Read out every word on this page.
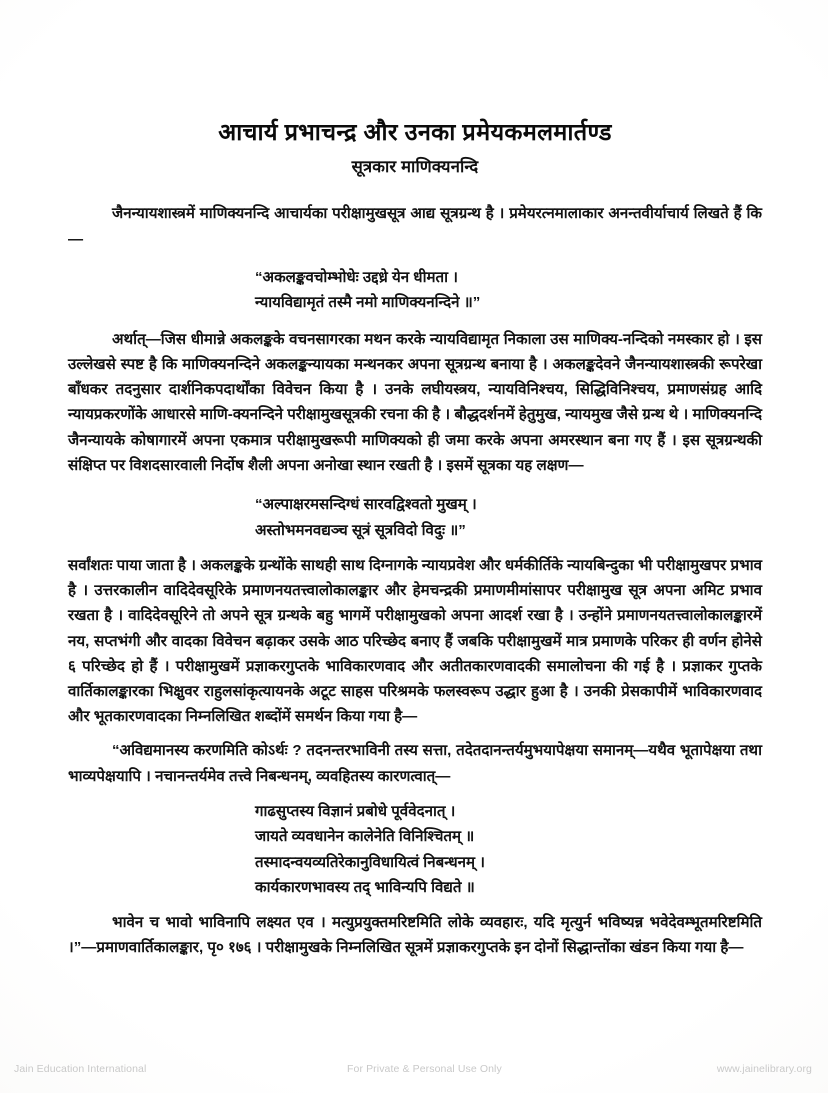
आचार्य प्रभाचन्द्र और उनका प्रमेयकमलमार्तण्ड
सूत्रकार माणिक्यनन्दि

जैनन्यायशास्त्रमें माणिक्यनन्दि आचार्यका परीक्षामुखसूत्र आद्य सूत्रग्रन्थ है । प्रमेयरत्नमालाकार अनन्तवीर्याचार्य लिखते हैं कि—

“अकलङ्कवचोम्भोधेः उद्दध्रे येन धीमता ।
न्यायविद्यामृतं तस्मै नमो माणिक्यनन्दिने ॥”

अर्थात्—जिस धीमान्ने अकलङ्कके वचनसागरका मथन करके न्यायविद्यामृत निकाला उस माणिक्य-नन्दिको नमस्कार हो । इस उल्लेखसे स्पष्ट है कि माणिक्यनन्दिने अकलङ्कन्यायका मन्थनकर अपना सूत्रग्रन्थ बनाया है । अकलङ्कदेवने जैनन्यायशास्त्रकी रूपरेखा बाँधकर तदनुसार दार्शनिकपदार्थोंका विवेचन किया है । उनके लघीयस्त्रय, न्यायविनिश्चय, सिद्धिविनिश्चय, प्रमाणसंग्रह आदि न्यायप्रकरणोंके आधारसे माणि-क्यनन्दिने परीक्षामुखसूत्रकी रचना की है । बौद्धदर्शनमें हेतुमुख, न्यायमुख जैसे ग्रन्थ थे । माणिक्यनन्दि जैनन्यायके कोषागारमें अपना एकमात्र परीक्षामुखरूपी माणिक्यको ही जमा करके अपना अमरस्थान बना गए हैं । इस सूत्रग्रन्थकी संक्षिप्त पर विशदसारवाली निर्दोष शैली अपना अनोखा स्थान रखती है । इसमें सूत्रका यह लक्षण—

“अल्पाक्षरमसन्दिग्धं सारवद्विश्वतो मुखम् ।
अस्तोभमनवद्यञ्च सूत्रं सूत्रविदो विदुः ॥”

सर्वांशतः पाया जाता है । अकलङ्कके ग्रन्थोंके साथही साथ दिग्नागके न्यायप्रवेश और धर्मकीर्तिके न्यायबिन्दुका भी परीक्षामुखपर प्रभाव है । उत्तरकालीन वादिदेवसूरिके प्रमाणनयतत्त्वालोकालङ्कार और हेमचन्द्रकी प्रमाणमीमांसापर परीक्षामुख सूत्र अपना अमिट प्रभाव रखता है । वादिदेवसूरिने तो अपने सूत्र ग्रन्थके बहु भागमें परीक्षामुखको अपना आदर्श रखा है । उन्होंने प्रमाणनयतत्त्वालोकालङ्कारमें नय, सप्तभंगी और वादका विवेचन बढ़ाकर उसके आठ परिच्छेद बनाए हैं जबकि परीक्षामुखमें मात्र प्रमाणके परिकर ही वर्णन होनेसे ६ परिच्छेद हो हैं । परीक्षामुखमें प्रज्ञाकरगुप्तके भाविकारणवाद और अतीतकारणवादकी समालोचना की गई है । प्रज्ञाकर गुप्तके वार्तिकालङ्कारका भिक्षुवर राहुलसांकृत्यायनके अटूट साहस परिश्रमके फलस्वरूप उद्धार हुआ है । उनकी प्रेसकापीमें भाविकारणवाद और भूतकारणवादका निम्नलिखित शब्दोंमें समर्थन किया गया है—

“अविद्यमानस्य करणमिति कोऽर्थः ? तदनन्तरभाविनी तस्य सत्ता, तदेतदानन्तर्यमुभयापेक्षया समानम्—यथैव भूतापेक्षया तथा भाव्यपेक्षयापि । नचानन्तर्यमेव तत्त्वे निबन्धनम्, व्यवहितस्य कारणत्वात्—

गाढसुप्तस्य विज्ञानं प्रबोधे पूर्ववेदनात् ।
जायते व्यवधानेन कालेनेति विनिश्चितम् ॥
तस्मादन्वयव्यतिरेकानुविधायित्वं निबन्धनम् ।
कार्यकारणभावस्य तद् भाविन्यपि विद्यते ॥

भावेन च भावो भाविनापि लक्ष्यत एव । मत्युप्रयुक्तमरिष्टमिति लोके व्यवहारः, यदि मृत्युर्न भविष्यन्न भवेदेवम्भूतमरिष्टमिति ।”—प्रमाणवार्तिकालङ्कार, पृ० १७६ । परीक्षामुखके निम्नलिखित सूत्रमें प्रज्ञाकरगुप्तके इन दोनों सिद्धान्तोंका खंडन किया गया है—

Jain Education International	For Private & Personal Use Only	www.jainelibrary.org
